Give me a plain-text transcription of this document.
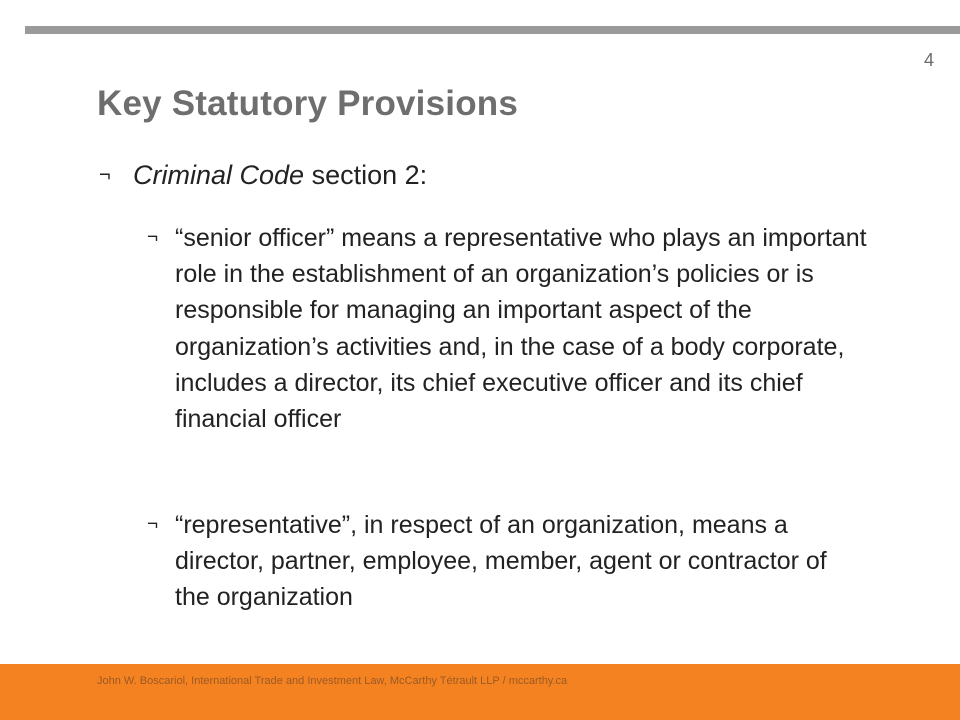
4
Key Statutory Provisions
¬ Criminal Code section 2:
¬ “senior officer” means a representative who plays an important role in the establishment of an organization’s policies or is responsible for managing an important aspect of the organization’s activities and, in the case of a body corporate, includes a director, its chief executive officer and its chief financial officer
¬ “representative”, in respect of an organization, means a director, partner, employee, member, agent or contractor of the organization
John W. Boscariol, International Trade and Investment Law, McCarthy Tétrault LLP / mccarthy.ca
